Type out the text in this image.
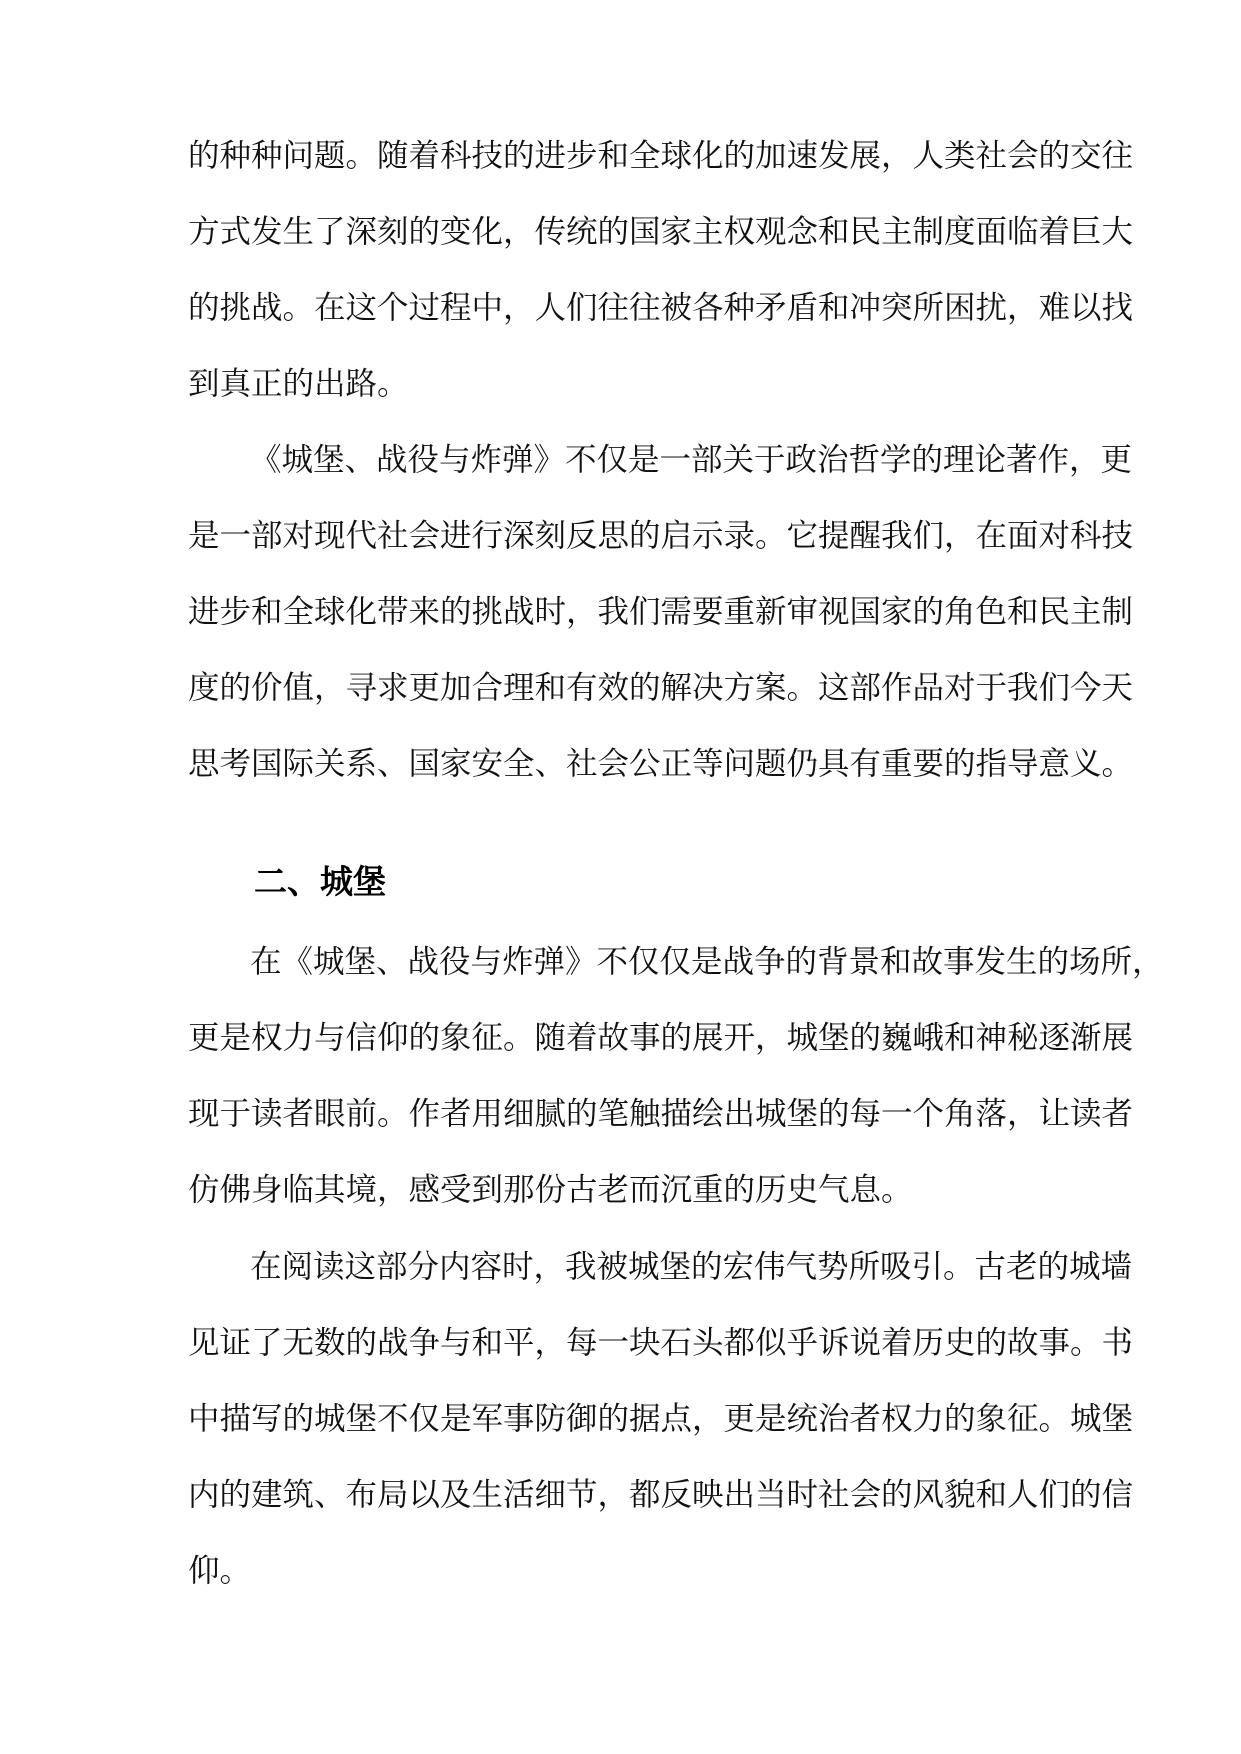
的种种问题。随着科技的进步和全球化的加速发展，人类社会的交往
方式发生了深刻的变化，传统的国家主权观念和民主制度面临着巨大
的挑战。在这个过程中，人们往往被各种矛盾和冲突所困扰，难以找
到真正的出路。
《城堡、战役与炸弹》不仅是一部关于政治哲学的理论著作，更
是一部对现代社会进行深刻反思的启示录。它提醒我们，在面对科技
进步和全球化带来的挑战时，我们需要重新审视国家的角色和民主制
度的价值，寻求更加合理和有效的解决方案。这部作品对于我们今天
思考国际关系、国家安全、社会公正等问题仍具有重要的指导意义。
二、城堡
在《城堡、战役与炸弹》不仅仅是战争的背景和故事发生的场所，
更是权力与信仰的象征。随着故事的展开，城堡的巍峨和神秘逐渐展
现于读者眼前。作者用细腻的笔触描绘出城堡的每一个角落，让读者
仿佛身临其境，感受到那份古老而沉重的历史气息。
在阅读这部分内容时，我被城堡的宏伟气势所吸引。古老的城墙
见证了无数的战争与和平，每一块石头都似乎诉说着历史的故事。书
中描写的城堡不仅是军事防御的据点，更是统治者权力的象征。城堡
内的建筑、布局以及生活细节，都反映出当时社会的风貌和人们的信
仰。
